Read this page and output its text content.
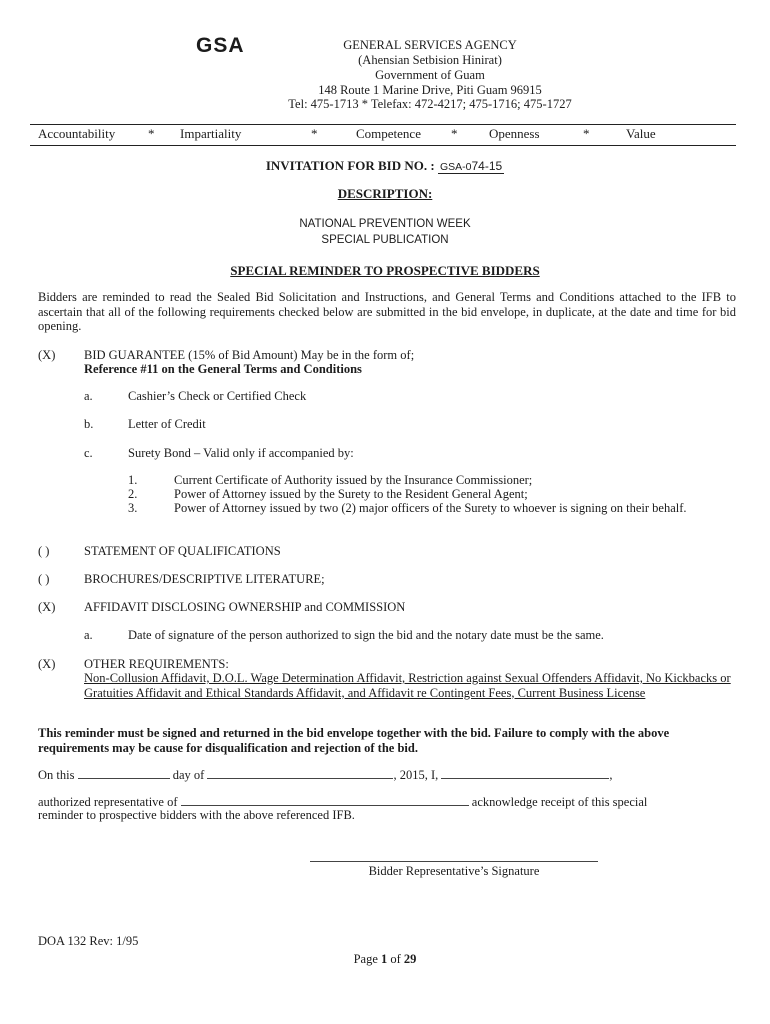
GSA	GENERAL SERVICES AGENCY
(Ahensian Setbision Hinirat)
Government of Guam
148 Route 1 Marine Drive, Piti Guam 96915
Tel: 475-1713 * Telefax: 472-4217; 475-1716; 475-1727
Accountability	* Impartiality	*	Competence * Openness	*	Value
INVITATION FOR BID NO. : GSA-074-15
DESCRIPTION:
NATIONAL PREVENTION WEEK
SPECIAL PUBLICATION
SPECIAL REMINDER TO PROSPECTIVE BIDDERS
Bidders are reminded to read the Sealed Bid Solicitation and Instructions, and General Terms and Conditions attached to the IFB to ascertain that all of the following requirements checked below are submitted in the bid envelope, in duplicate, at the date and time for bid opening.
(X) BID GUARANTEE (15% of Bid Amount) May be in the form of;
Reference #11 on the General Terms and Conditions
a.	Cashier’s Check or Certified Check
b.	Letter of Credit
c.	Surety Bond – Valid only if accompanied by:
1.	Current Certificate of Authority issued by the Insurance Commissioner;
2.	Power of Attorney issued by the Surety to the Resident General Agent;
3.	Power of Attorney issued by two (2) major officers of the Surety to whoever is signing on their behalf.
( )	STATEMENT OF QUALIFICATIONS
( )	BROCHURES/DESCRIPTIVE LITERATURE;
(X) AFFIDAVIT DISCLOSING OWNERSHIP and COMMISSION
a.	Date of signature of the person authorized to sign the bid and the notary date must be the same.
(X) OTHER REQUIREMENTS:
Non-Collusion Affidavit, D.O.L. Wage Determination Affidavit, Restriction against Sexual Offenders Affidavit, No Kickbacks or Gratuities Affidavit and Ethical Standards Affidavit, and Affidavit re Contingent Fees, Current Business License
This reminder must be signed and returned in the bid envelope together with the bid. Failure to comply with the above requirements may be cause for disqualification and rejection of the bid.
On this	day of	, 2015, I,	,
authorized representative of	acknowledge receipt of this special
reminder to prospective bidders with the above referenced IFB.
Bidder Representative’s Signature
DOA 132 Rev: 1/95
Page 1 of 29
